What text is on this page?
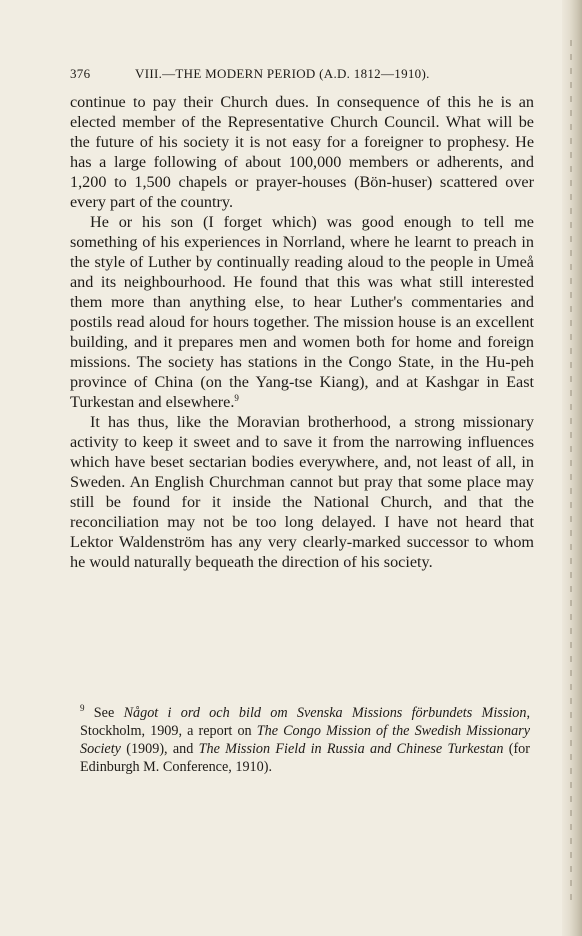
376	VIII.—THE MODERN PERIOD (A.D. 1812—1910).

continue to pay their Church dues. In consequence of this he is an elected member of the Representative Church Council. What will be the future of his society it is not easy for a foreigner to prophesy. He has a large following of about 100,000 members or adherents, and 1,200 to 1,500 chapels or prayer-houses (Bön-huser) scattered over every part of the country.

He or his son (I forget which) was good enough to tell me something of his experiences in Norrland, where he learnt to preach in the style of Luther by continually reading aloud to the people in Umeå and its neighbourhood. He found that this was what still interested them more than anything else, to hear Luther's commentaries and postils read aloud for hours together. The mission house is an excellent building, and it prepares men and women both for home and foreign missions. The society has stations in the Congo State, in the Hu-peh province of China (on the Yang-tse Kiang), and at Kashgar in East Turkestan and elsewhere.$^9$

It has thus, like the Moravian brotherhood, a strong missionary activity to keep it sweet and to save it from the narrowing influences which have beset sectarian bodies everywhere, and, not least of all, in Sweden. An English Churchman cannot but pray that some place may still be found for it inside the National Church, and that the reconciliation may not be too long delayed. I have not heard that Lektor Waldenström has any very clearly-marked successor to whom he would naturally bequeath the direction of his society.

$^9$ See Något i ord och bild om Svenska Missions förbundets Mission, Stockholm, 1909, a report on The Congo Mission of the Swedish Missionary Society (1909), and The Mission Field in Russia and Chinese Turkestan (for Edinburgh M. Conference, 1910).
